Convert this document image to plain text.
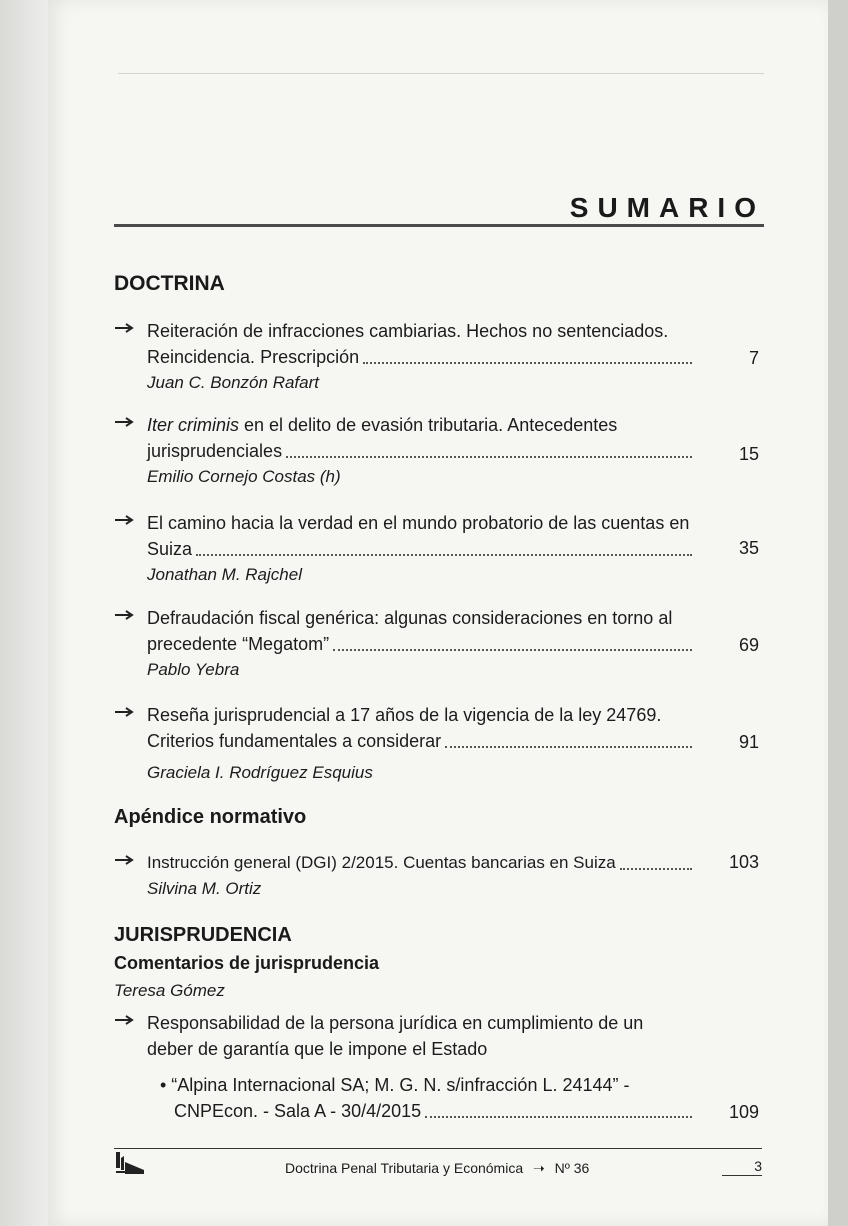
SUMARIO
DOCTRINA
Reiteración de infracciones cambiarias. Hechos no sentenciados.
Reincidencia. Prescripción	7
Juan C. Bonzón Rafart
Iter criminis en el delito de evasión tributaria. Antecedentes
jurisprudenciales	15
Emilio Cornejo Costas (h)
El camino hacia la verdad en el mundo probatorio de las cuentas en
Suiza	35
Jonathan M. Rajchel
Defraudación fiscal genérica: algunas consideraciones en torno al
precedente “Megatom”	69
Pablo Yebra
Reseña jurisprudencial a 17 años de la vigencia de la ley 24769.
Criterios fundamentales a considerar	91
Graciela I. Rodríguez Esquius
Apéndice normativo
Instrucción general (DGI) 2/2015. Cuentas bancarias en Suiza	103
Silvina M. Ortiz
JURISPRUDENCIA
Comentarios de jurisprudencia
Teresa Gómez
Responsabilidad de la persona jurídica en cumplimiento de un
deber de garantía que le impone el Estado
• “Alpina Internacional SA; M. G. N. s/infracción L. 24144” -
CNPEcon. - Sala A - 30/4/2015	109
Doctrina Penal Tributaria y Económica ➝ Nº 36	3
